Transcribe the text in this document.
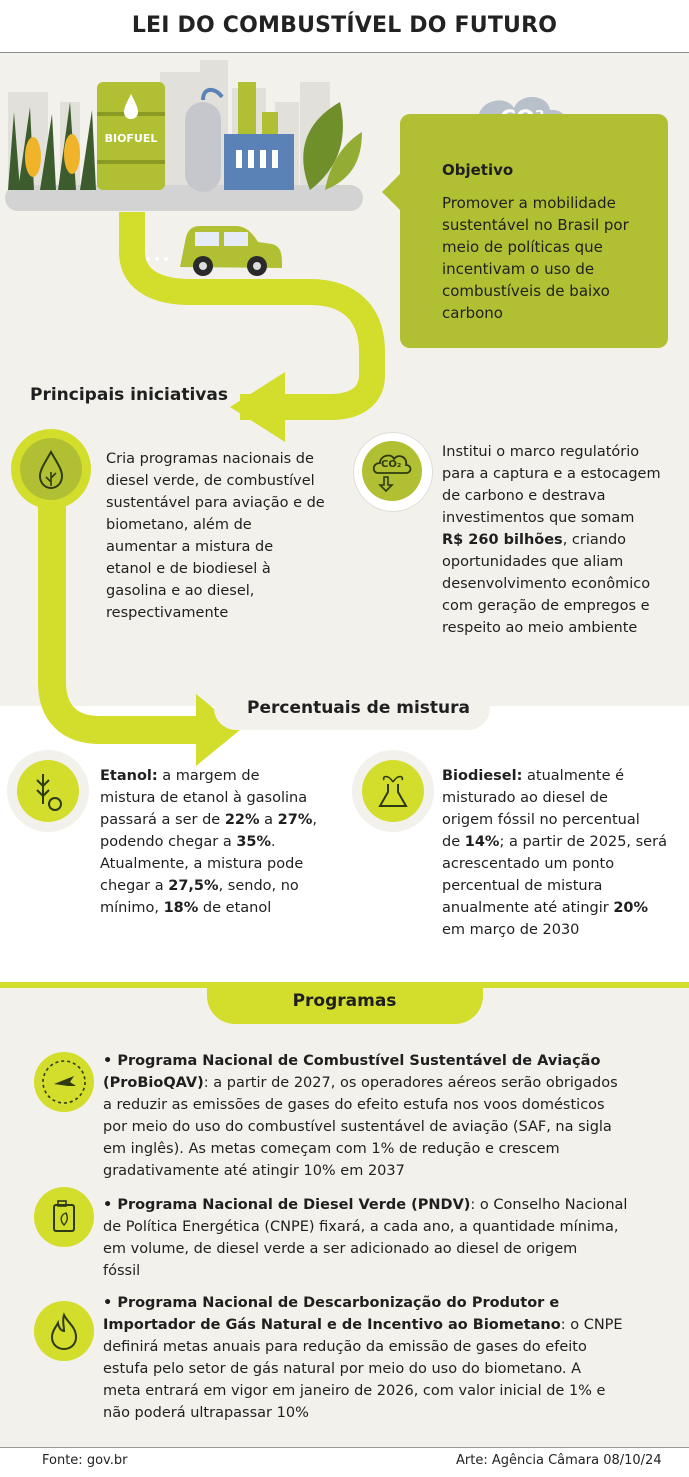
LEI DO COMBUSTÍVEL DO FUTURO
BIOFUEL
Objetivo
Promover a mobilidade
sustentável no Brasil por
meio de políticas que
incentivam o uso de
combustíveis de baixo
carbono
Principais iniciativas
Cria programas nacionais de
diesel verde, de combustível
sustentável para aviação e de
biometano, além de
aumentar a mistura de
etanol e de biodiesel à
gasolina e ao diesel,
respectivamente
CO₂
Institui o marco regulatório
para a captura e a estocagem
de carbono e destrava
investimentos que somam
R$ 260 bilhões, criando
oportunidades que aliam
desenvolvimento econômico
com geração de empregos e
respeito ao meio ambiente
Percentuais de mistura
Etanol: a margem de
mistura de etanol à gasolina
passará a ser de 22% a 27%,
podendo chegar a 35%.
Atualmente, a mistura pode
chegar a 27,5%, sendo, no
mínimo, 18% de etanol
Biodiesel: atualmente é
misturado ao diesel de
origem fóssil no percentual
de 14%; a partir de 2025, será
acrescentado um ponto
percentual de mistura
anualmente até atingir 20%
em março de 2030
Programas
• Programa Nacional de Combustível Sustentável de Aviação
(ProBioQAV): a partir de 2027, os operadores aéreos serão obrigados
a reduzir as emissões de gases do efeito estufa nos voos domésticos
por meio do uso do combustível sustentável de aviação (SAF, na sigla
em inglês). As metas começam com 1% de redução e crescem
gradativamente até atingir 10% em 2037
• Programa Nacional de Diesel Verde (PNDV): o Conselho Nacional
de Política Energética (CNPE) fixará, a cada ano, a quantidade mínima,
em volume, de diesel verde a ser adicionado ao diesel de origem
fóssil
• Programa Nacional de Descarbonização do Produtor e
Importador de Gás Natural e de Incentivo ao Biometano: o CNPE
definirá metas anuais para redução da emissão de gases do efeito
estufa pelo setor de gás natural por meio do uso do biometano. A
meta entrará em vigor em janeiro de 2026, com valor inicial de 1% e
não poderá ultrapassar 10%
Fonte: gov.br	Arte: Agência Câmara 08/10/24
